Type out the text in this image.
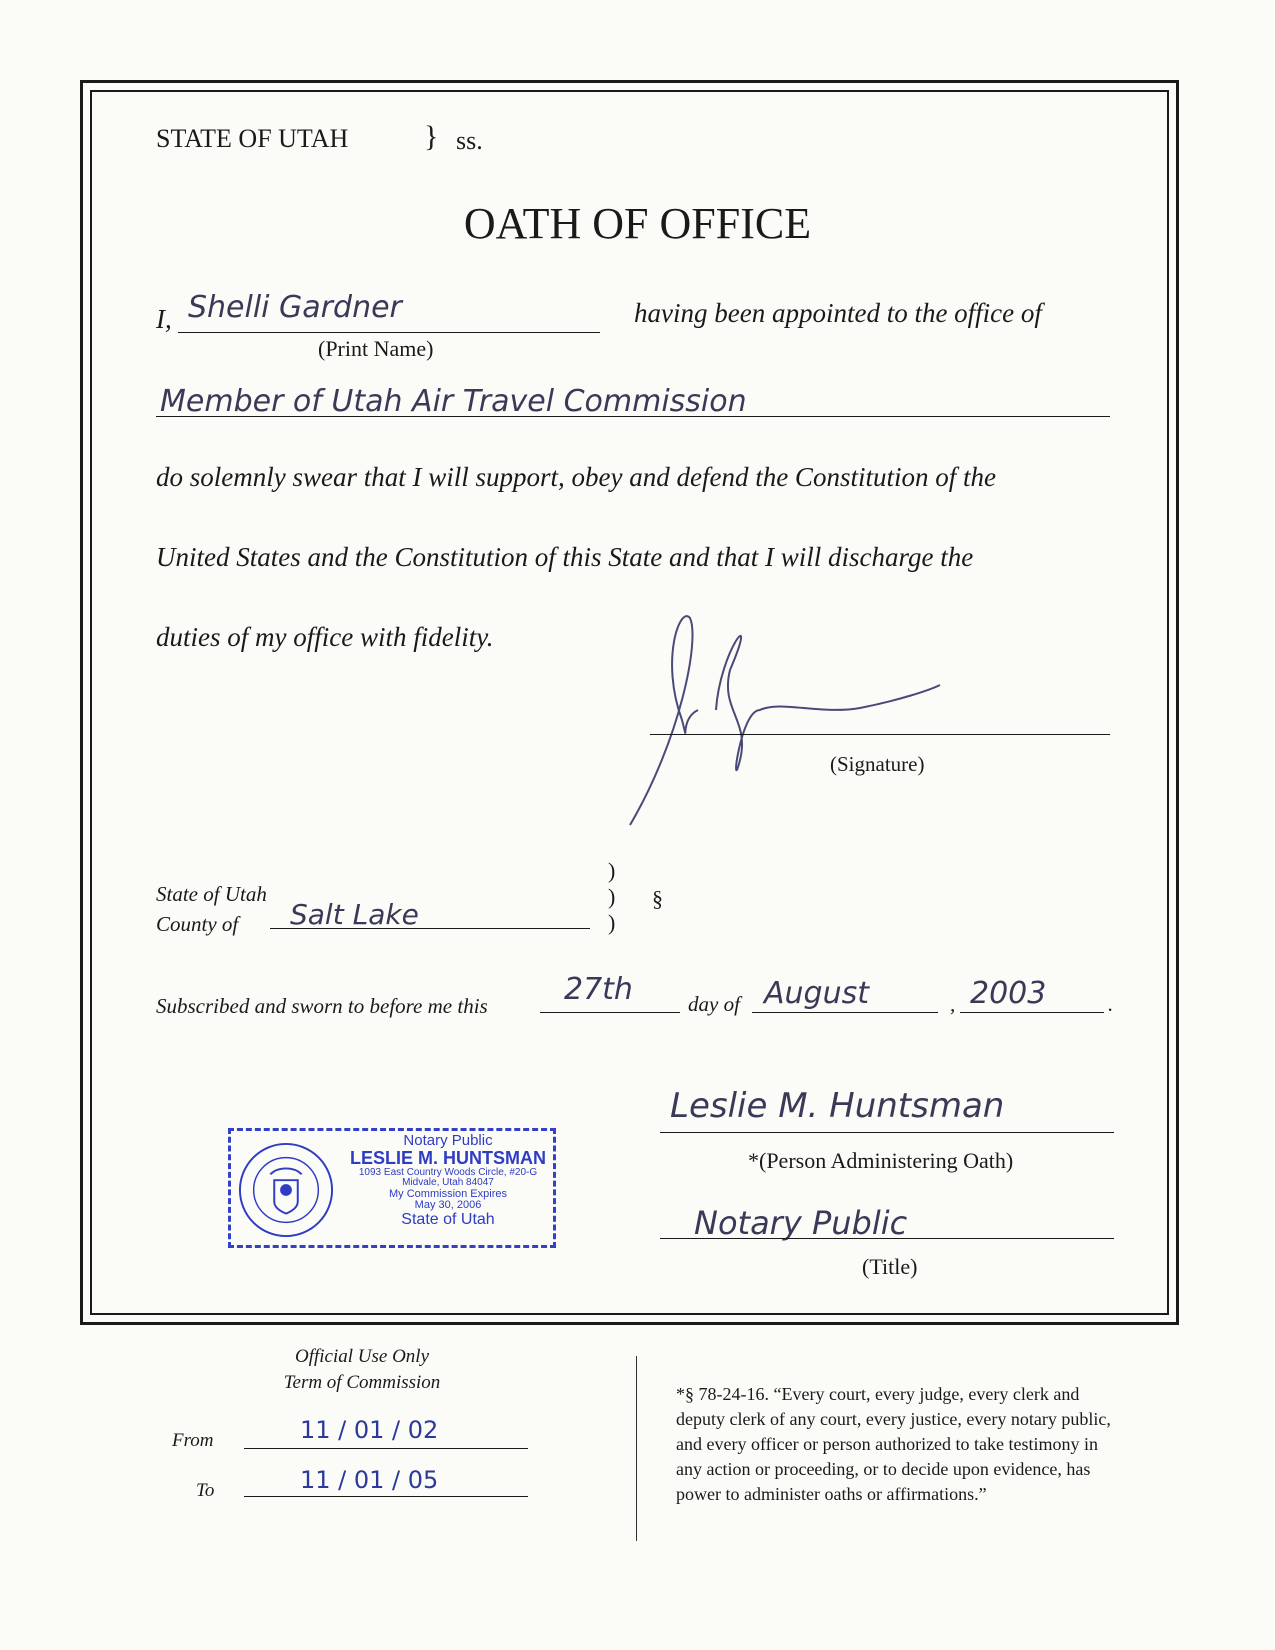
STATE OF UTAH	} ss.
OATH OF OFFICE
I, Shelli Gardner
(Print Name)
having been appointed to the office of
Member of Utah Air Travel Commission
do solemnly swear that I will support, obey and defend the Constitution of the
United States and the Constitution of this State and that I will discharge the
duties of my office with fidelity.
(Signature)
State of Utah
County of Salt Lake
)
)
)
§
Subscribed and sworn to before me this	27th	day of August	, 2003	.
Leslie M. Huntsman
*(Person Administering Oath)
Notary Public
(Title)
Notary Public
LESLIE M. HUNTSMAN
1093 East Country Woods Circle, #20-G
Midvale, Utah 84047
My Commission Expires
May 30, 2006
State of Utah
Official Use Only
Term of Commission
From	11 / 01 / 02
To	11 / 01 / 05
*§ 78-24-16. “Every court, every judge, every clerk and
deputy clerk of any court, every justice, every notary public,
and every officer or person authorized to take testimony in
any action or proceeding, or to decide upon evidence, has
power to administer oaths or affirmations.”
